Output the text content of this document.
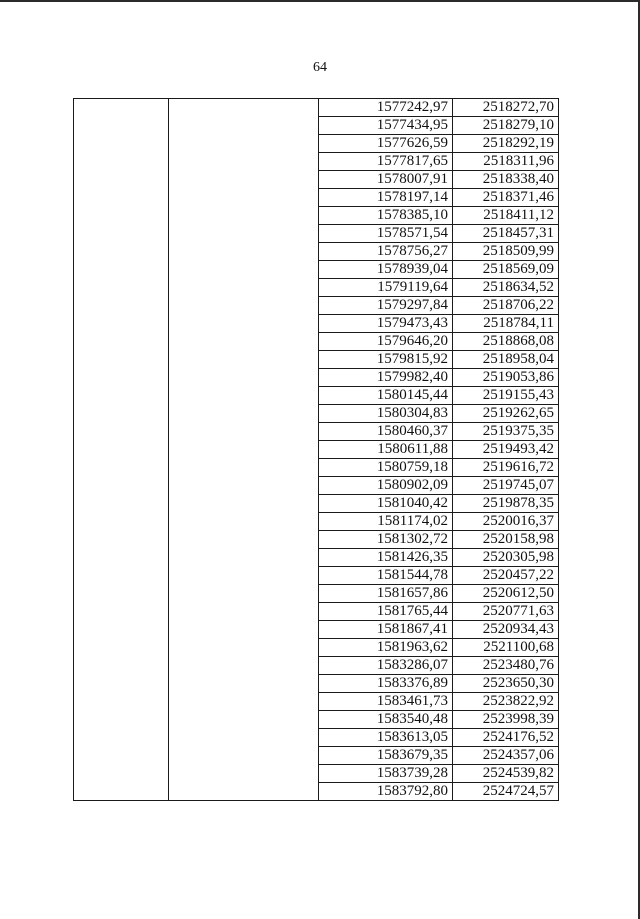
64
		1577242,97	2518272,70
		1577434,95	2518279,10
		1577626,59	2518292,19
		1577817,65	2518311,96
		1578007,91	2518338,40
		1578197,14	2518371,46
		1578385,10	2518411,12
		1578571,54	2518457,31
		1578756,27	2518509,99
		1578939,04	2518569,09
		1579119,64	2518634,52
		1579297,84	2518706,22
		1579473,43	2518784,11
		1579646,20	2518868,08
		1579815,92	2518958,04
		1579982,40	2519053,86
		1580145,44	2519155,43
		1580304,83	2519262,65
		1580460,37	2519375,35
		1580611,88	2519493,42
		1580759,18	2519616,72
		1580902,09	2519745,07
		1581040,42	2519878,35
		1581174,02	2520016,37
		1581302,72	2520158,98
		1581426,35	2520305,98
		1581544,78	2520457,22
		1581657,86	2520612,50
		1581765,44	2520771,63
		1581867,41	2520934,43
		1581963,62	2521100,68
		1583286,07	2523480,76
		1583376,89	2523650,30
		1583461,73	2523822,92
		1583540,48	2523998,39
		1583613,05	2524176,52
		1583679,35	2524357,06
		1583739,28	2524539,82
		1583792,80	2524724,57
